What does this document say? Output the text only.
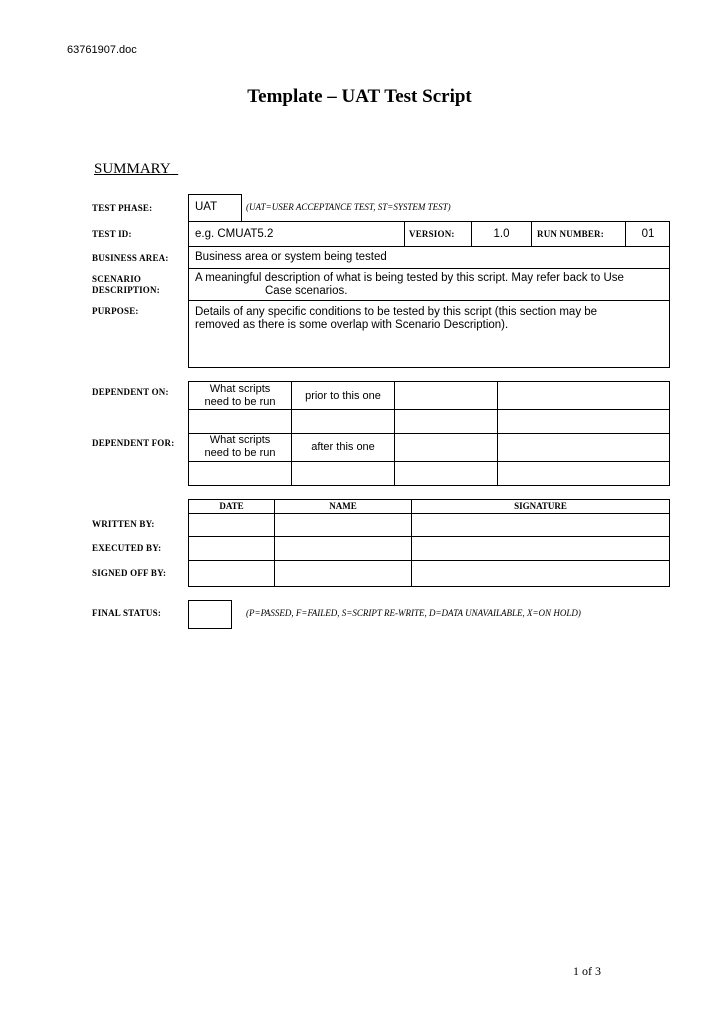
63761907.doc
Template – UAT Test Script
SUMMARY
TEST PHASE:	UAT	(UAT=USER ACCEPTANCE TEST, ST=SYSTEM TEST)
TEST ID:	e.g. CMUAT5.2	VERSION:	1.0	RUN NUMBER:	01
BUSINESS AREA: Business area or system being tested
SCENARIO
DESCRIPTION:
A meaningful description of what is being tested by this script. May refer back to Use
Case scenarios.
PURPOSE:	Details of any specific conditions to be tested by this script (this section may be
removed as there is some overlap with Scenario Description).
DEPENDENT ON:	What scripts
need to be run	prior to this one
DEPENDENT FOR:	What scripts
need to be run	after this one
DATE	NAME	SIGNATURE
WRITTEN BY:
EXECUTED BY:
SIGNED OFF BY:
FINAL STATUS:	(P=PASSED, F=FAILED, S=SCRIPT RE-WRITE, D=DATA UNAVAILABLE, X=ON HOLD)
1 of 3
